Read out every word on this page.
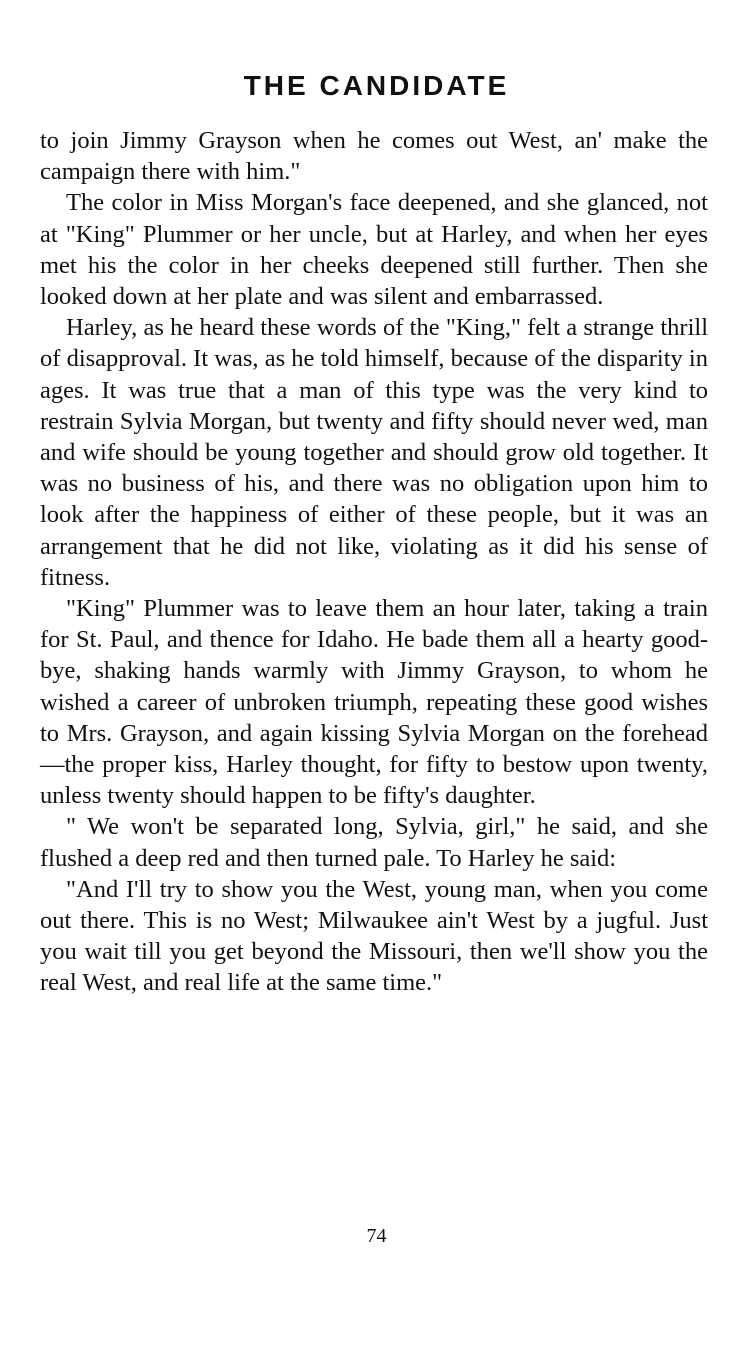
THE CANDIDATE

to join Jimmy Grayson when he comes out West, an' make the campaign there with him."

The color in Miss Morgan's face deepened, and she glanced, not at "King" Plummer or her uncle, but at Harley, and when her eyes met his the color in her cheeks deepened still further. Then she looked down at her plate and was silent and embarrassed.

Harley, as he heard these words of the "King," felt a strange thrill of disapproval. It was, as he told himself, because of the disparity in ages. It was true that a man of this type was the very kind to restrain Sylvia Morgan, but twenty and fifty should never wed, man and wife should be young together and should grow old together. It was no business of his, and there was no obligation upon him to look after the happiness of either of these people, but it was an arrangement that he did not like, violating as it did his sense of fitness.

"King" Plummer was to leave them an hour later, taking a train for St. Paul, and thence for Idaho. He bade them all a hearty good-bye, shaking hands warmly with Jimmy Grayson, to whom he wished a career of unbroken triumph, repeating these good wishes to Mrs. Grayson, and again kissing Sylvia Morgan on the forehead—the proper kiss, Harley thought, for fifty to bestow upon twenty, unless twenty should happen to be fifty's daughter.

" We won't be separated long, Sylvia, girl," he said, and she flushed a deep red and then turned pale. To Harley he said:

"And I'll try to show you the West, young man, when you come out there. This is no West; Milwaukee ain't West by a jugful. Just you wait till you get beyond the Missouri, then we'll show you the real West, and real life at the same time."

74
